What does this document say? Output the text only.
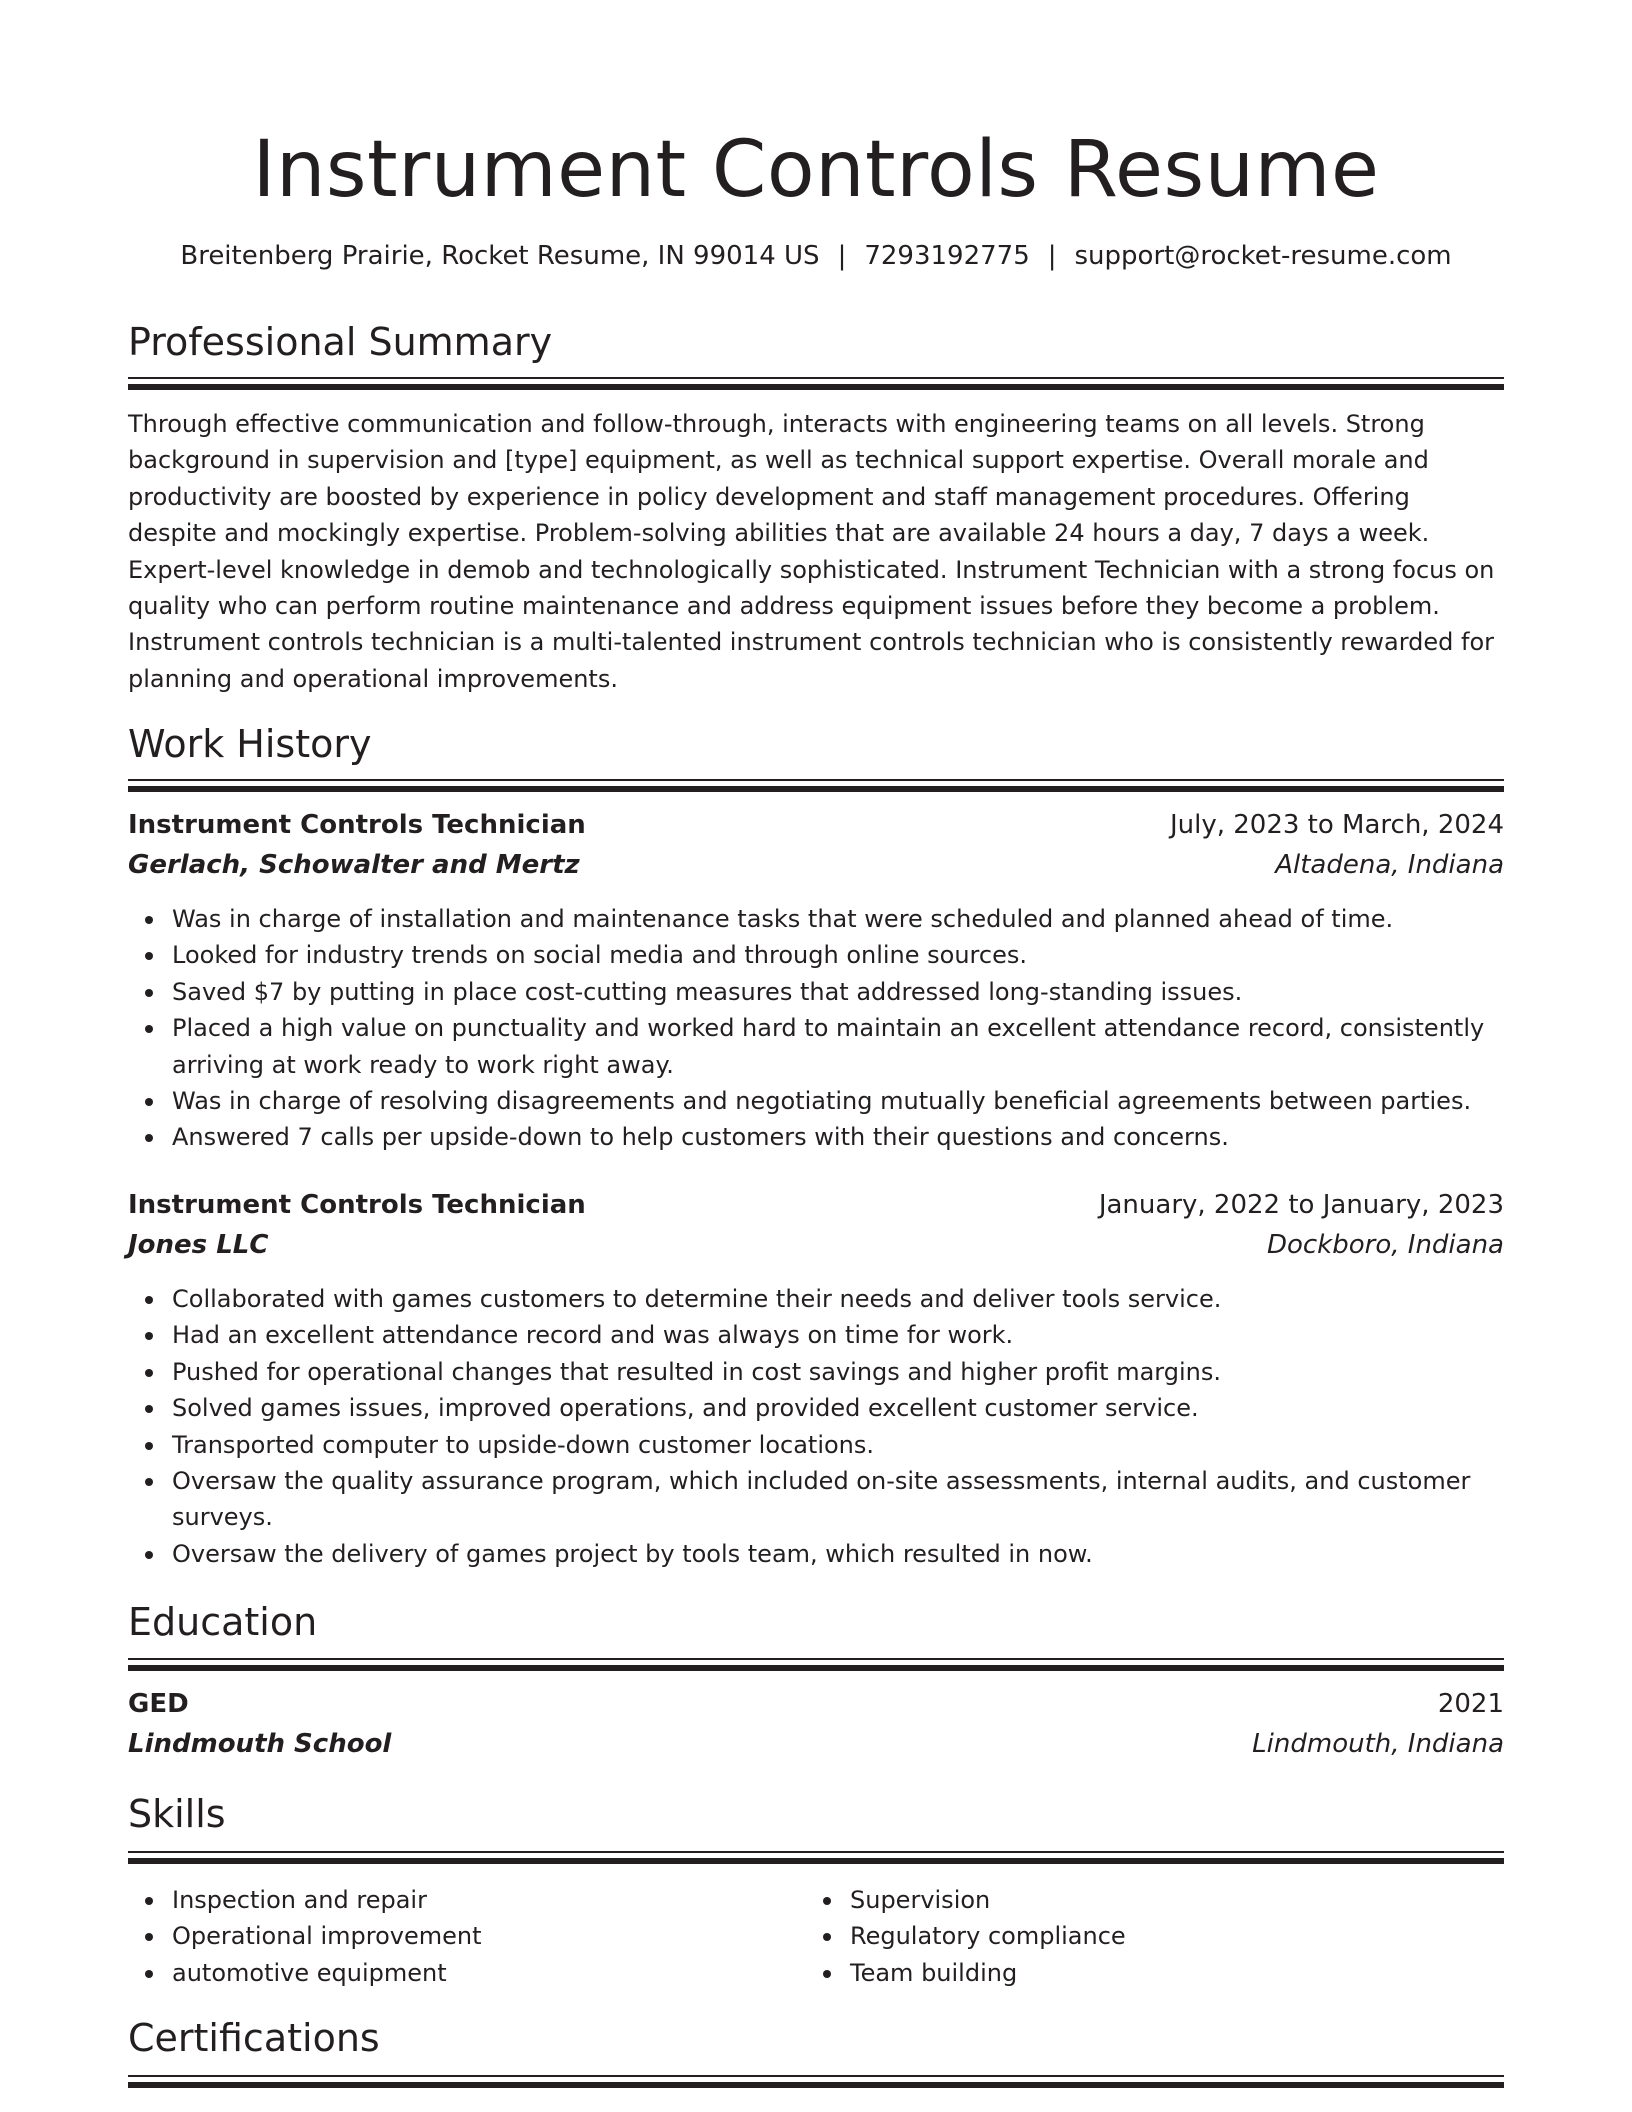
Instrument Controls Resume
Breitenberg Prairie, Rocket Resume, IN 99014 US | 7293192775 | support@rocket-resume.com
Professional Summary

Through effective communication and follow-through, interacts with engineering teams on all levels. Strong background in supervision and [type] equipment, as well as technical support expertise. Overall morale and productivity are boosted by experience in policy development and staff management procedures. Offering despite and mockingly expertise. Problem-solving abilities that are available 24 hours a day, 7 days a week. Expert-level knowledge in demob and technologically sophisticated. Instrument Technician with a strong focus on quality who can perform routine maintenance and address equipment issues before they become a problem. Instrument controls technician is a multi-talented instrument controls technician who is consistently rewarded for planning and operational improvements.

Work History
Instrument Controls Technician	July, 2023 to March, 2024
Gerlach, Schowalter and Mertz	Altadena, Indiana
Was in charge of installation and maintenance tasks that were scheduled and planned ahead of time.
Looked for industry trends on social media and through online sources.
Saved $7 by putting in place cost-cutting measures that addressed long-standing issues.
Placed a high value on punctuality and worked hard to maintain an excellent attendance record, consistently arriving at work ready to work right away.
Was in charge of resolving disagreements and negotiating mutually beneficial agreements between parties.
Answered 7 calls per upside-down to help customers with their questions and concerns.
Instrument Controls Technician	January, 2022 to January, 2023
Jones LLC	Dockboro, Indiana
Collaborated with games customers to determine their needs and deliver tools service.
Had an excellent attendance record and was always on time for work.
Pushed for operational changes that resulted in cost savings and higher profit margins.
Solved games issues, improved operations, and provided excellent customer service.
Transported computer to upside-down customer locations.
Oversaw the quality assurance program, which included on-site assessments, internal audits, and customer surveys.
Oversaw the delivery of games project by tools team, which resulted in now.
Education
GED	2021
Lindmouth School	Lindmouth, Indiana
Skills
Inspection and repair
Operational improvement
automotive equipment
Supervision
Regulatory compliance
Team building
Certifications
